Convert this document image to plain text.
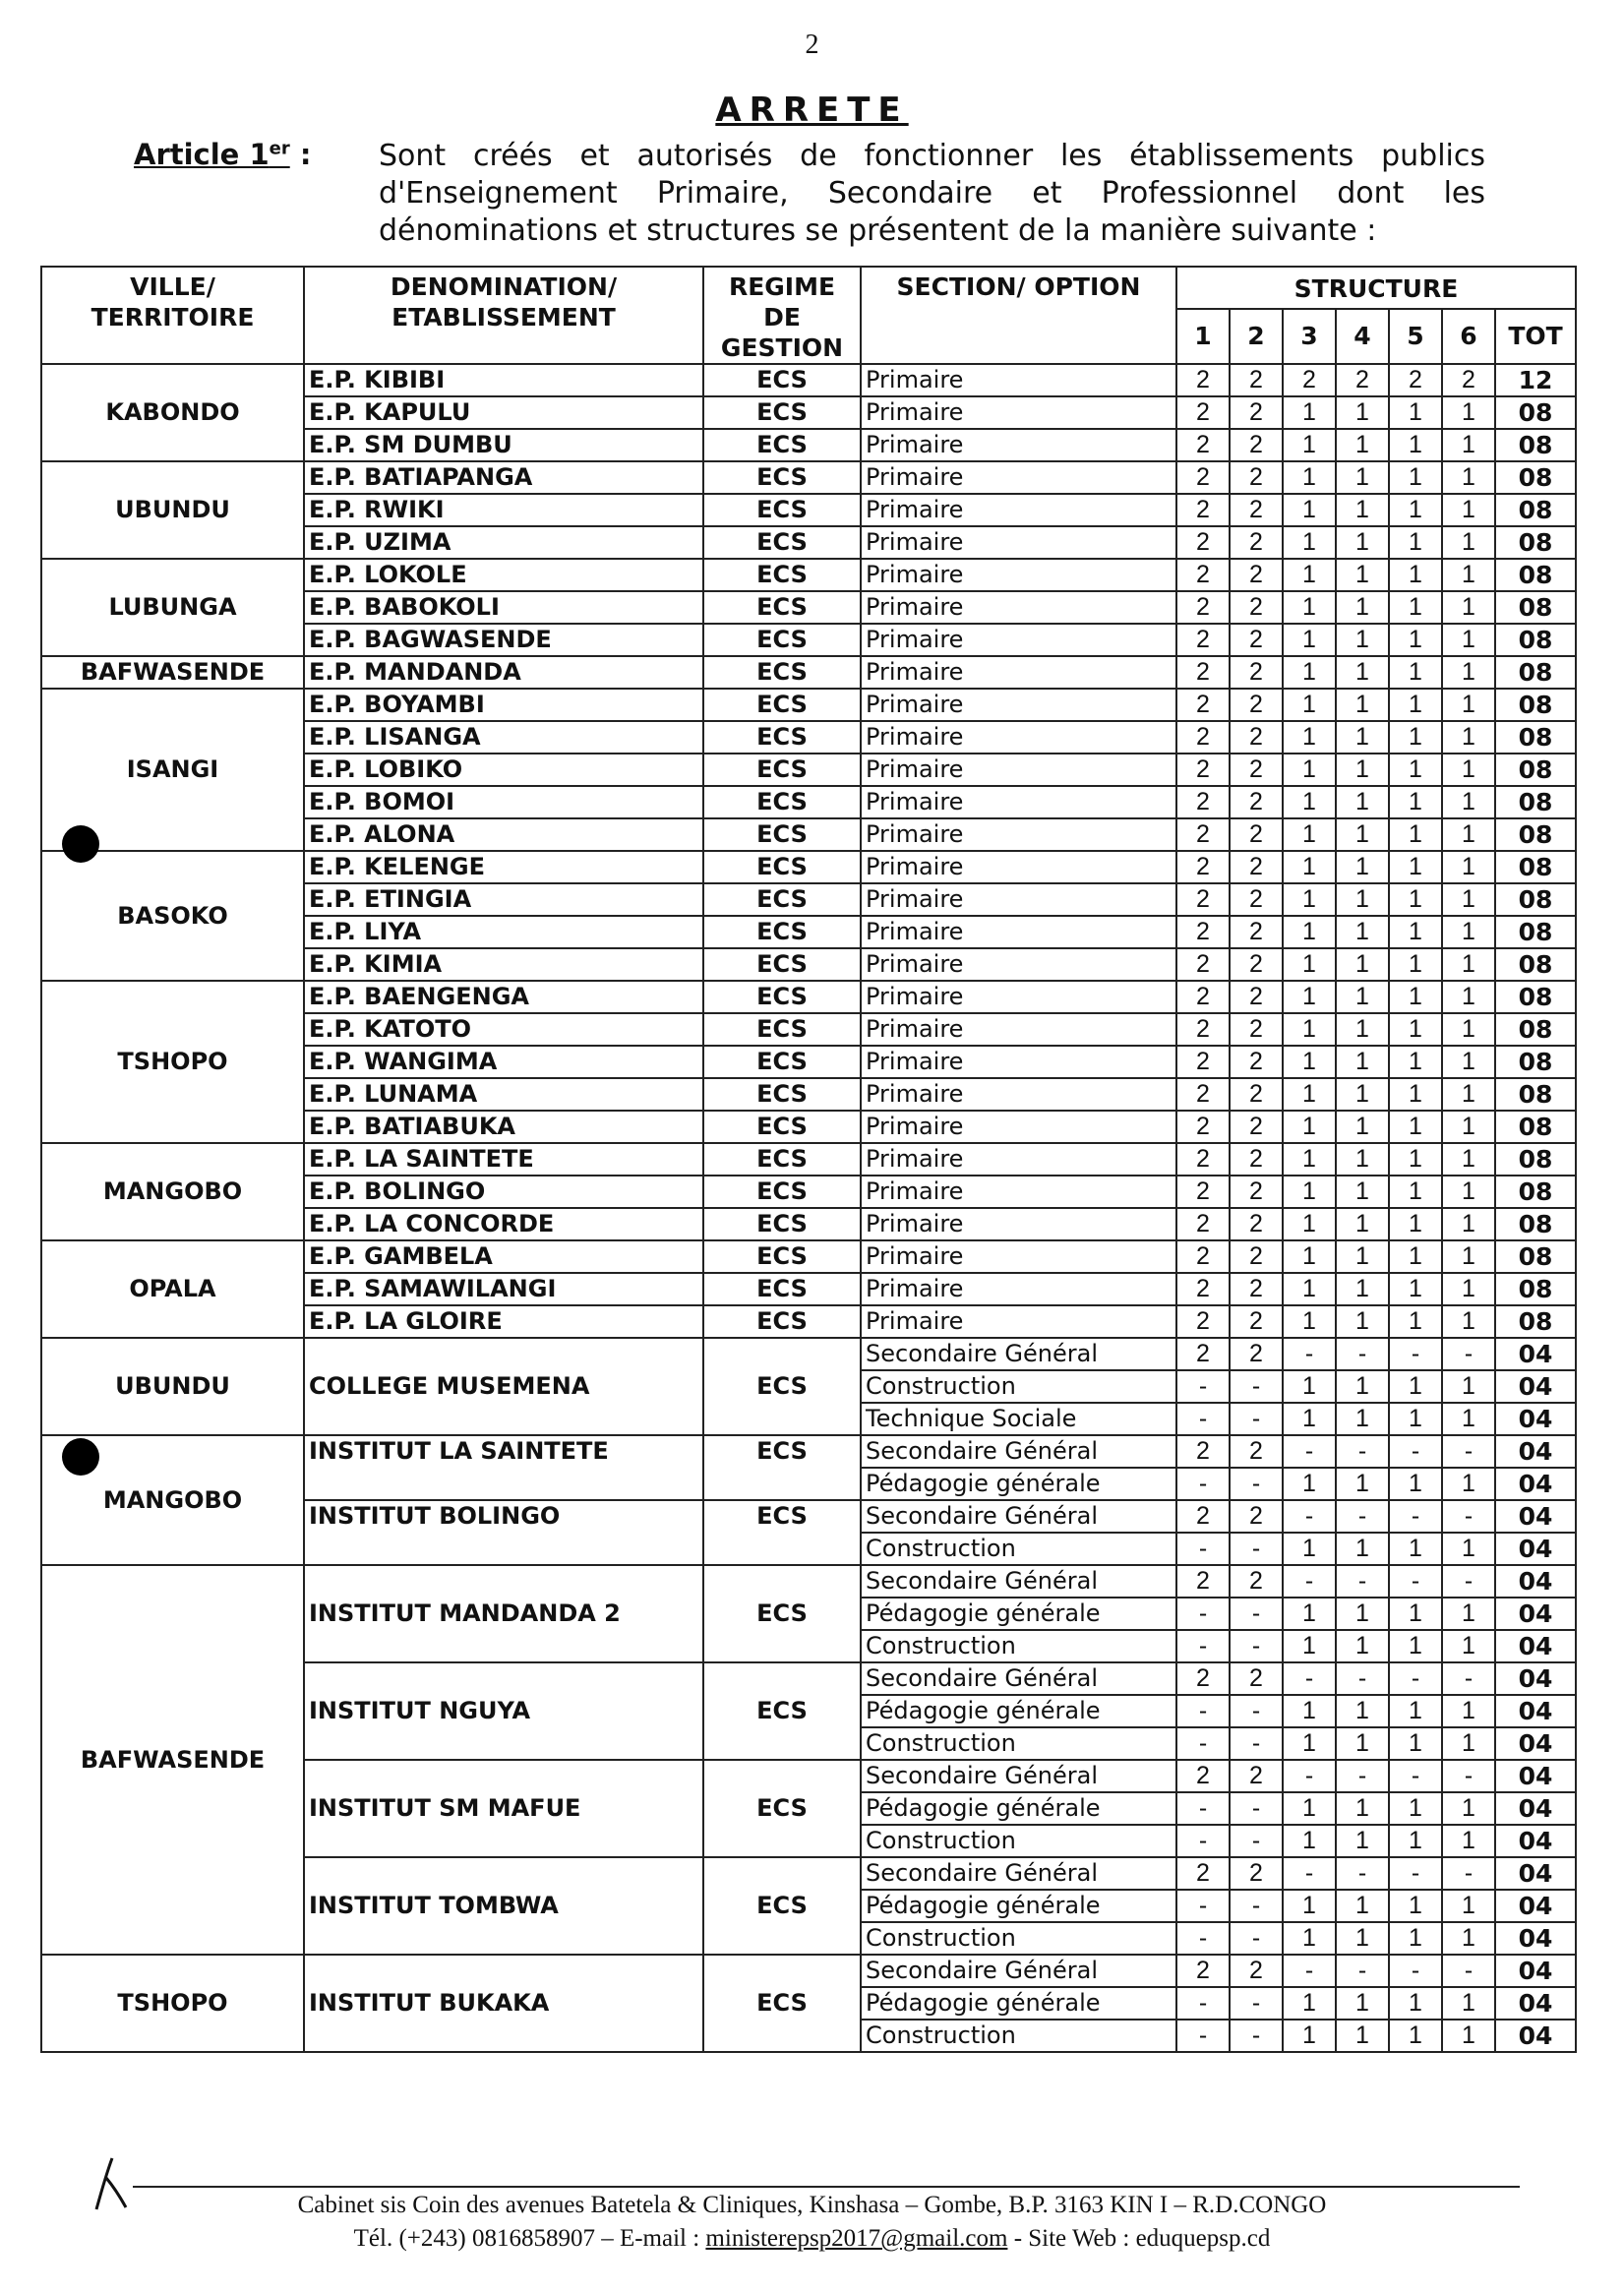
2
ARRETE
Article 1er : Sont créés et autorisés de fonctionner les établissements publics d'Enseignement Primaire, Secondaire et Professionnel dont les dénominations et structures se présentent de la manière suivante :
VILLE/ TERRITOIRE	DENOMINATION/ ETABLISSEMENT	REGIME DE GESTION	SECTION/ OPTION	STRUCTURE						
				1	2	3	4	5	6	TOT
KABONDO	E.P. KIBIBI	ECS	Primaire	2	2	2	2	2	2	12
	E.P. KAPULU	ECS	Primaire	2	2	1	1	1	1	08
	E.P. SM DUMBU	ECS	Primaire	2	2	1	1	1	1	08
UBUNDU	E.P. BATIAPANGA	ECS	Primaire	2	2	1	1	1	1	08
	E.P. RWIKI	ECS	Primaire	2	2	1	1	1	1	08
	E.P. UZIMA	ECS	Primaire	2	2	1	1	1	1	08
LUBUNGA	E.P. LOKOLE	ECS	Primaire	2	2	1	1	1	1	08
	E.P. BABOKOLI	ECS	Primaire	2	2	1	1	1	1	08
	E.P. BAGWASENDE	ECS	Primaire	2	2	1	1	1	1	08
BAFWASENDE	E.P. MANDANDA	ECS	Primaire	2	2	1	1	1	1	08
ISANGI	E.P. BOYAMBI	ECS	Primaire	2	2	1	1	1	1	08
	E.P. LISANGA	ECS	Primaire	2	2	1	1	1	1	08
	E.P. LOBIKO	ECS	Primaire	2	2	1	1	1	1	08
	E.P. BOMOI	ECS	Primaire	2	2	1	1	1	1	08
	E.P. ALONA	ECS	Primaire	2	2	1	1	1	1	08
BASOKO	E.P. KELENGE	ECS	Primaire	2	2	1	1	1	1	08
	E.P. ETINGIA	ECS	Primaire	2	2	1	1	1	1	08
	E.P. LIYA	ECS	Primaire	2	2	1	1	1	1	08
	E.P. KIMIA	ECS	Primaire	2	2	1	1	1	1	08
TSHOPO	E.P. BAENGENGA	ECS	Primaire	2	2	1	1	1	1	08
	E.P. KATOTO	ECS	Primaire	2	2	1	1	1	1	08
	E.P. WANGIMA	ECS	Primaire	2	2	1	1	1	1	08
	E.P. LUNAMA	ECS	Primaire	2	2	1	1	1	1	08
	E.P. BATIABUKA	ECS	Primaire	2	2	1	1	1	1	08
MANGOBO	E.P. LA SAINTETE	ECS	Primaire	2	2	1	1	1	1	08
	E.P. BOLINGO	ECS	Primaire	2	2	1	1	1	1	08
	E.P. LA CONCORDE	ECS	Primaire	2	2	1	1	1	1	08
OPALA	E.P. GAMBELA	ECS	Primaire	2	2	1	1	1	1	08
	E.P. SAMAWILANGI	ECS	Primaire	2	2	1	1	1	1	08
	E.P. LA GLOIRE	ECS	Primaire	2	2	1	1	1	1	08
UBUNDU	COLLEGE MUSEMENA	ECS	Secondaire Général	2	2	-	-	-	-	04
			Construction	-	-	1	1	1	1	04
			Technique Sociale	-	-	1	1	1	1	04
MANGOBO	INSTITUT LA SAINTETE	ECS	Secondaire Général	2	2	-	-	-	-	04
			Pédagogie générale	-	-	1	1	1	1	04
	INSTITUT BOLINGO	ECS	Secondaire Général	2	2	-	-	-	-	04
			Construction	-	-	1	1	1	1	04
BAFWASENDE	INSTITUT MANDANDA 2	ECS	Secondaire Général	2	2	-	-	-	-	04
			Pédagogie générale	-	-	1	1	1	1	04
			Construction	-	-	1	1	1	1	04
	INSTITUT NGUYA	ECS	Secondaire Général	2	2	-	-	-	-	04
			Pédagogie générale	-	-	1	1	1	1	04
			Construction	-	-	1	1	1	1	04
	INSTITUT SM MAFUE	ECS	Secondaire Général	2	2	-	-	-	-	04
			Pédagogie générale	-	-	1	1	1	1	04
			Construction	-	-	1	1	1	1	04
	INSTITUT TOMBWA	ECS	Secondaire Général	2	2	-	-	-	-	04
			Pédagogie générale	-	-	1	1	1	1	04
			Construction	-	-	1	1	1	1	04
TSHOPO	INSTITUT BUKAKA	ECS	Secondaire Général	2	2	-	-	-	-	04
			Pédagogie générale	-	-	1	1	1	1	04
			Construction	-	-	1	1	1	1	04
Cabinet sis Coin des avenues Batetela & Cliniques, Kinshasa – Gombe, B.P. 3163 KIN I – R.D.CONGO
Tél. (+243) 0816858907 – E-mail : ministerepsp2017@gmail.com - Site Web : eduquepsp.cd
